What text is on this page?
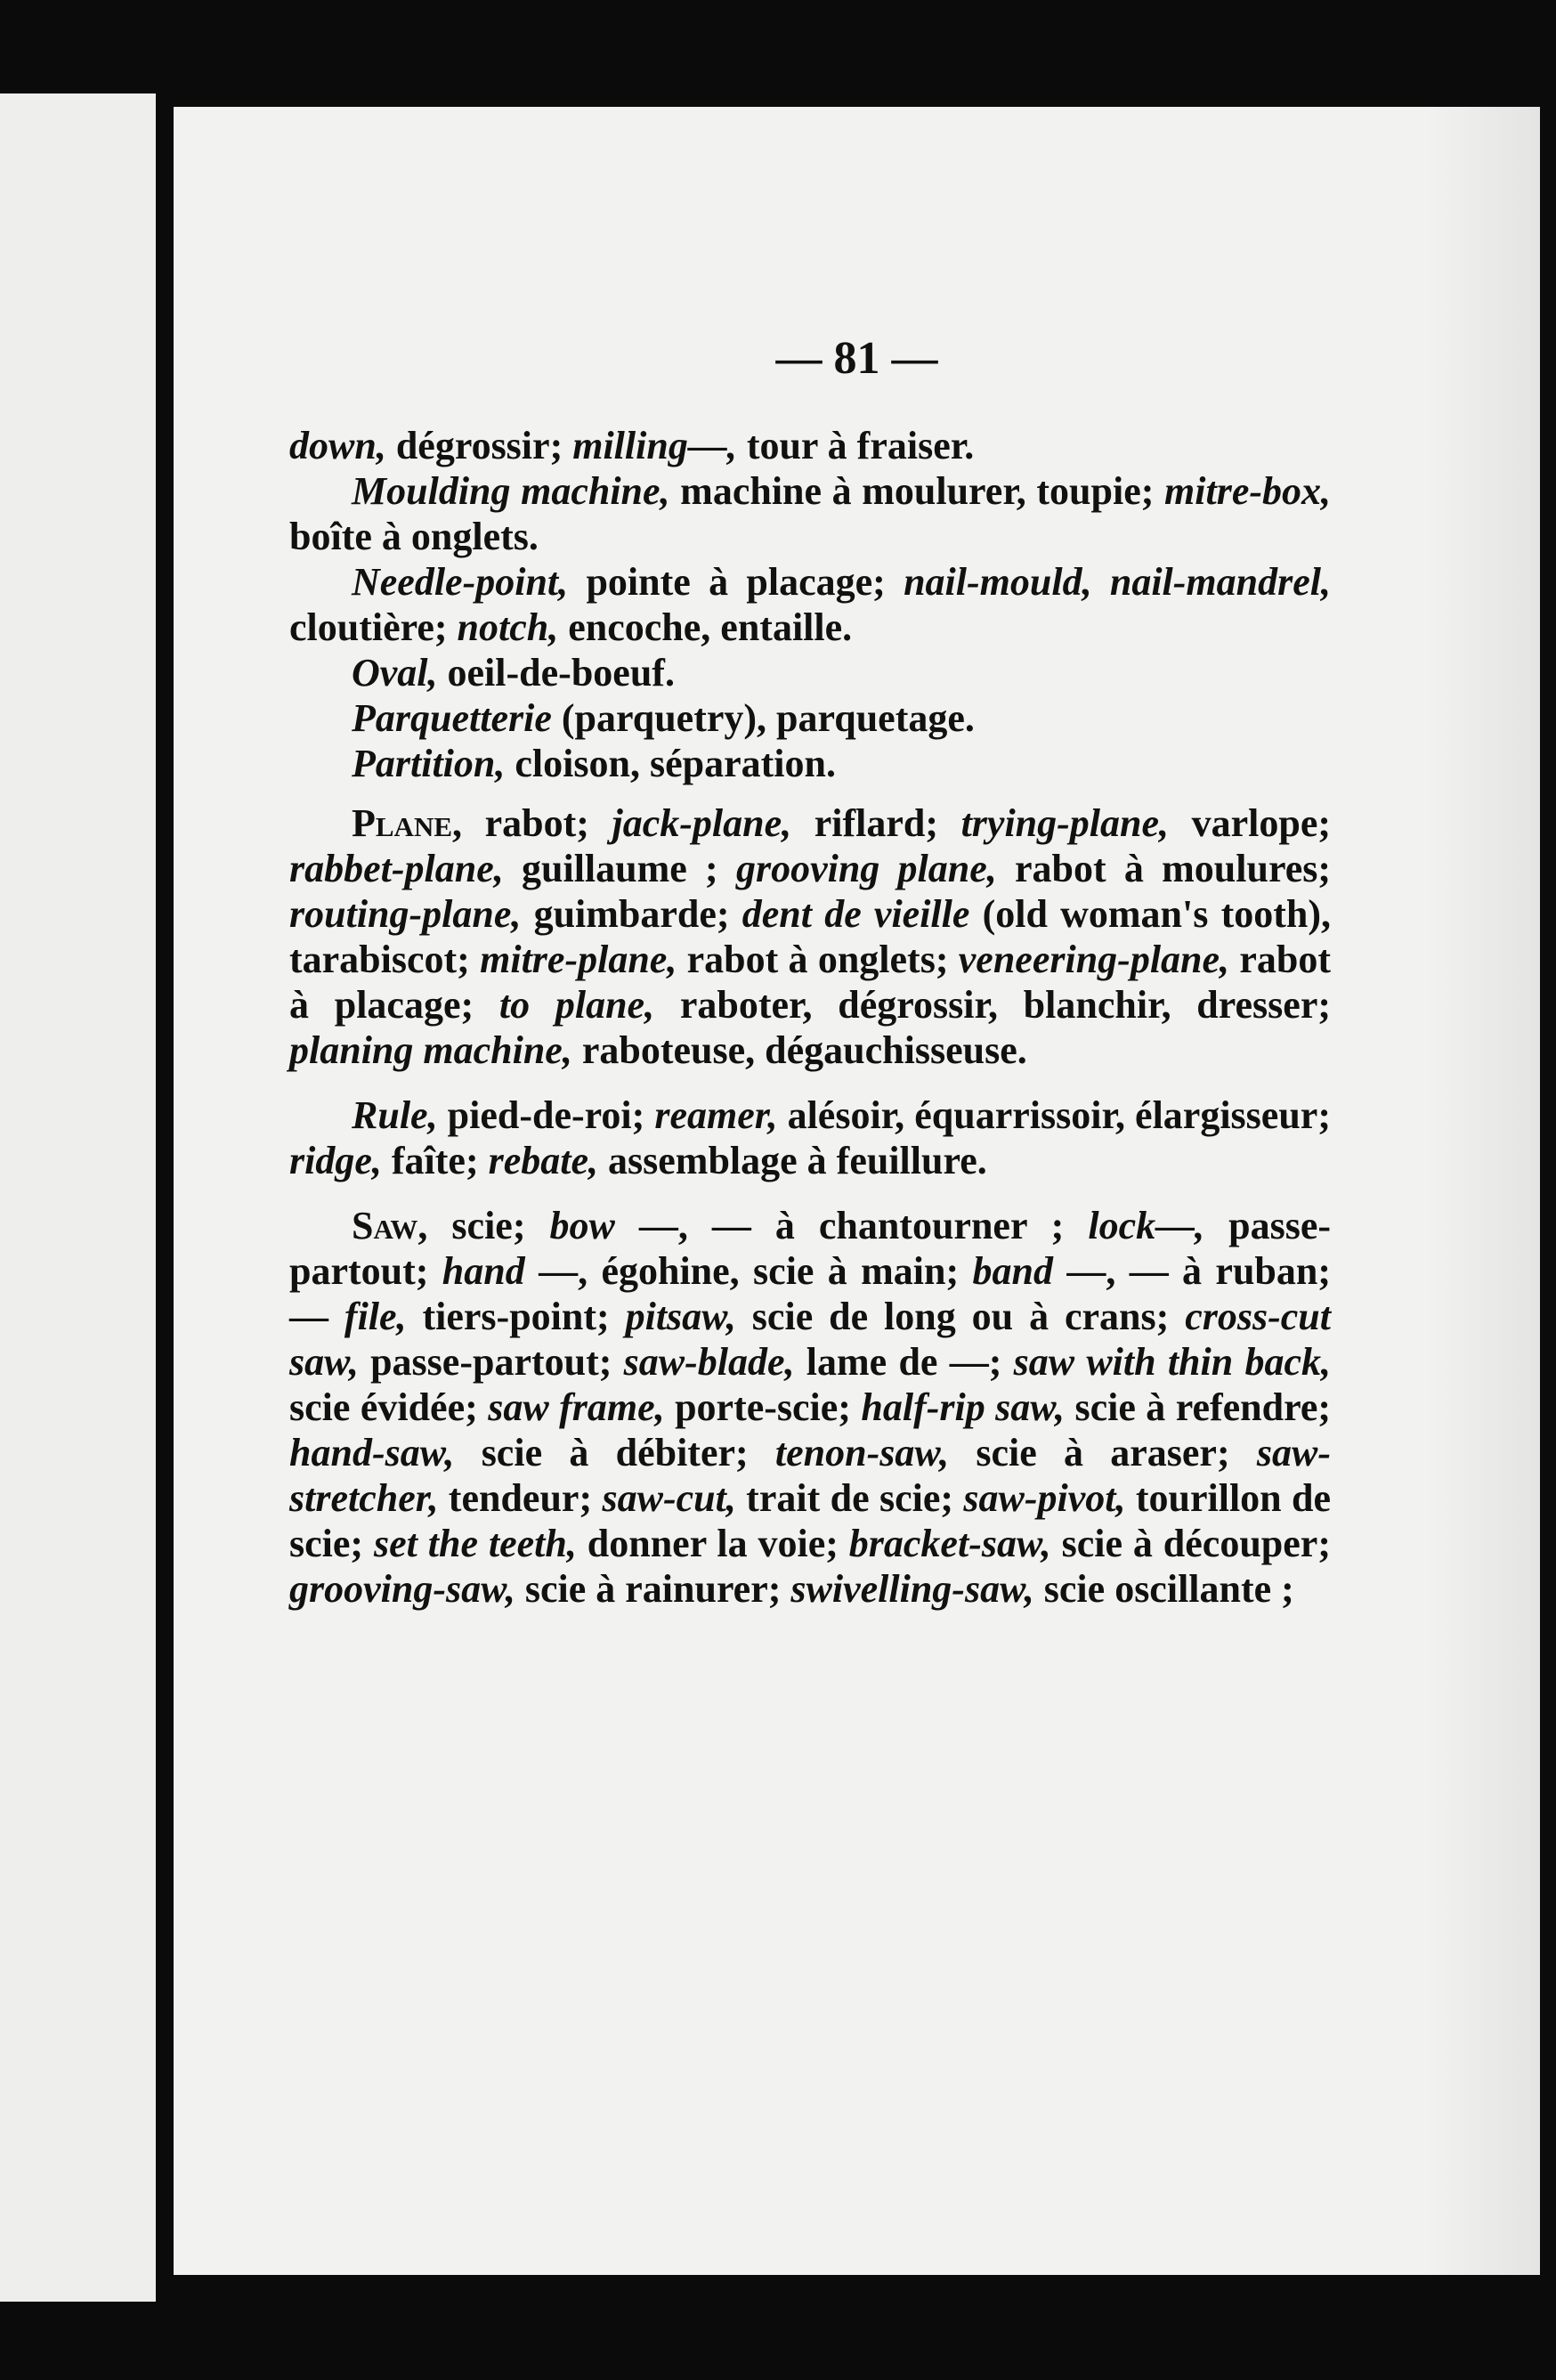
— 81 —

down, dégrossir; milling—, tour à fraiser.

Moulding machine, machine à moulurer, toupie; mitre-box, boîte à onglets.

Needle-point, pointe à placage; nail-mould, nail-mandrel, cloutière; notch, encoche, entaille.

Oval, oeil-de-boeuf.

Parquetterie (parquetry), parquetage.

Partition, cloison, séparation.

Plane, rabot; jack-plane, riflard; trying-plane, varlope; rabbet-plane, guillaume ; grooving plane, rabot à moulures; routing-plane, guimbarde; dent de vieille (old woman's tooth), tarabiscot; mitre-plane, rabot à onglets; veneering-plane, rabot à placage; to plane, raboter, dégrossir, blanchir, dresser; planing machine, raboteuse, dégauchisseuse.

Rule, pied-de-roi; reamer, alésoir, équarrissoir, élargisseur; ridge, faîte; rebate, assemblage à feuillure.

Saw, scie; bow —, — à chantourner ; lock—, passe-partout; hand —, égohine, scie à main; band —, — à ruban; — file, tiers-point; pitsaw, scie de long ou à crans; cross-cut saw, passe-partout; saw-blade, lame de —; saw with thin back, scie évidée; saw frame, porte-scie; half-rip saw, scie à refendre; hand-saw, scie à débiter; tenon-saw, scie à araser; saw-stretcher, tendeur; saw-cut, trait de scie; saw-pivot, tourillon de scie; set the teeth, donner la voie; bracket-saw, scie à découper; grooving-saw, scie à rainurer; swivelling-saw, scie oscillante ;
